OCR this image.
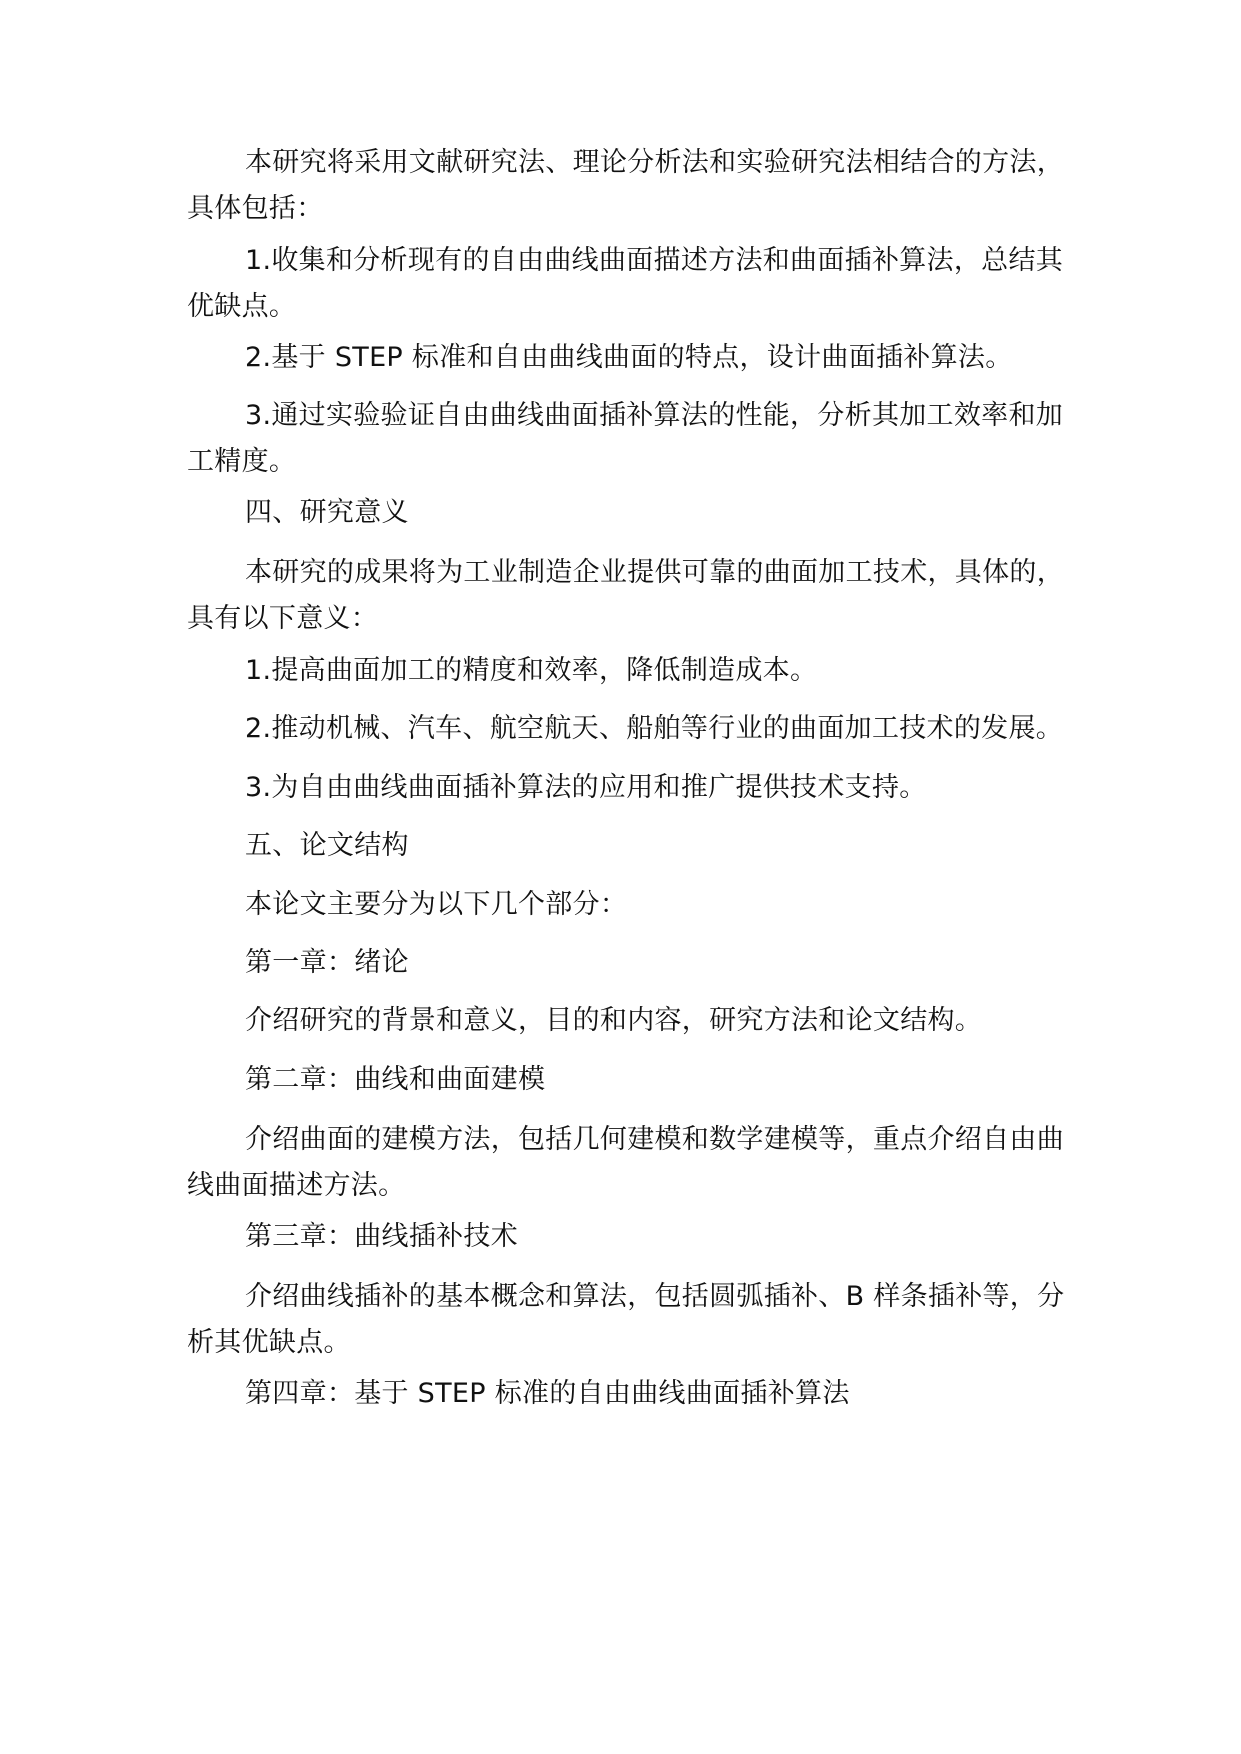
本研究将采用文献研究法、理论分析法和实验研究法相结合的方法，具体包括：

1.收集和分析现有的自由曲线曲面描述方法和曲面插补算法，总结其优缺点。

2.基于 STEP 标准和自由曲线曲面的特点，设计曲面插补算法。

3.通过实验验证自由曲线曲面插补算法的性能，分析其加工效率和加工精度。

四、研究意义

本研究的成果将为工业制造企业提供可靠的曲面加工技术，具体的，具有以下意义：

1.提高曲面加工的精度和效率，降低制造成本。

2.推动机械、汽车、航空航天、船舶等行业的曲面加工技术的发展。

3.为自由曲线曲面插补算法的应用和推广提供技术支持。

五、论文结构

本论文主要分为以下几个部分：

第一章：绪论

介绍研究的背景和意义，目的和内容，研究方法和论文结构。

第二章：曲线和曲面建模

介绍曲面的建模方法，包括几何建模和数学建模等，重点介绍自由曲线曲面描述方法。

第三章：曲线插补技术

介绍曲线插补的基本概念和算法，包括圆弧插补、B 样条插补等，分析其优缺点。

第四章：基于 STEP 标准的自由曲线曲面插补算法
